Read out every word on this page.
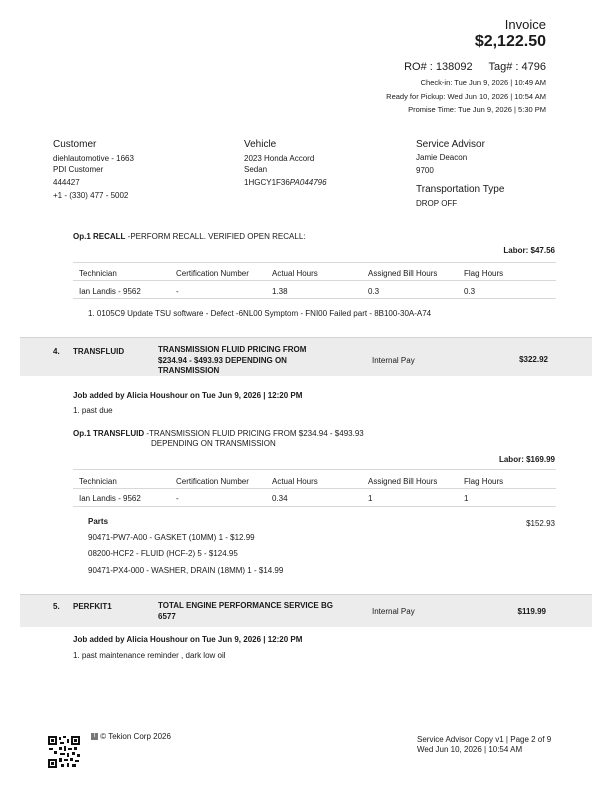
Invoice
$2,122.50
RO# : 138092 Tag# : 4796
Check-in: Tue Jun 9, 2026 | 10:49 AM
Ready for Pickup: Wed Jun 10, 2026 | 10:54 AM
Promise Time: Tue Jun 9, 2026 | 5:30 PM
Customer
diehlautomotive - 1663
PDI Customer
444427
+1 - (330) 477 - 5002
Vehicle
2023 Honda Accord
Sedan
1HGCY1F36PA044796
Service Advisor
Jamie Deacon
9700
Transportation Type
DROP OFF
Op.1 RECALL -PERFORM RECALL. VERIFIED OPEN RECALL:
Labor: $47.56
Technician	Certification Number	Actual Hours	Assigned Bill Hours	Flag Hours
Ian Landis - 9562	-	1.38	0.3	0.3
1. 0105C9 Update TSU software - Defect -6NL00 Symptom - FNI00 Failed part - 8B100-30A-A74
4. TRANSFLUID	TRANSMISSION FLUID PRICING FROM
$234.94 - $493.93 DEPENDING ON
TRANSMISSION
Internal Pay	$322.92
Job added by Alicia Houshour on Tue Jun 9, 2026 | 12:20 PM
1. past due
Op.1 TRANSFLUID -TRANSMISSION FLUID PRICING FROM $234.94 - $493.93
DEPENDING ON TRANSMISSION
Labor: $169.99
Technician	Certification Number	Actual Hours	Assigned Bill Hours	Flag Hours
Ian Landis - 9562	-	0.34	1	1
Parts	$152.93
90471-PW7-A00 - GASKET (10MM) 1 - $12.99
08200-HCF2 - FLUID (HCF-2) 5 - $124.95
90471-PX4-000 - WASHER, DRAIN (18MM) 1 - $14.99
5. PERFKIT1	TOTAL ENGINE PERFORMANCE SERVICE BG
6577	Internal Pay	$119.99
Job added by Alicia Houshour on Tue Jun 9, 2026 | 12:20 PM
1. past maintenance reminder , dark low oil
T © Tekion Corp 2026	Service Advisor Copy v1 | Page 2 of 9
Wed Jun 10, 2026 | 10:54 AM
